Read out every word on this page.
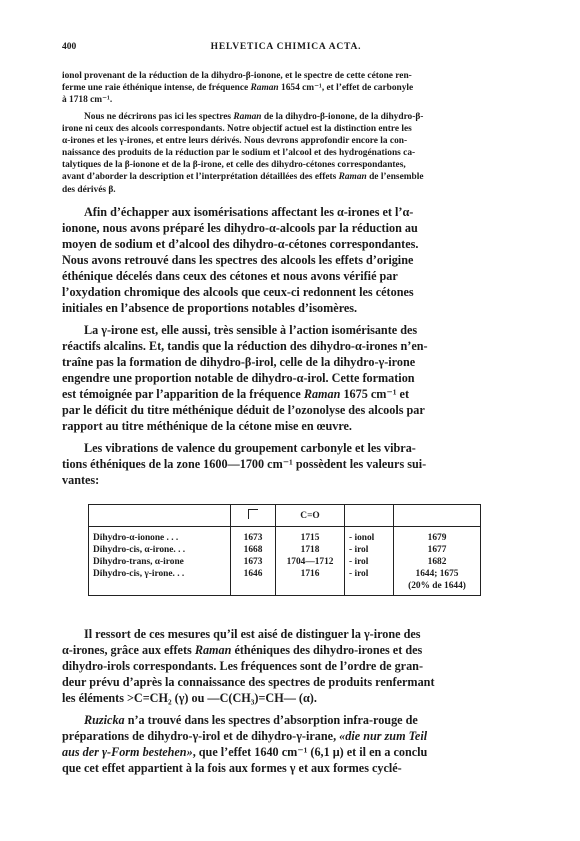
400	HELVETICA CHIMICA ACTA.

ionol provenant de la réduction de la dihydro-β-ionone, et le spectre de cette cétone ren-

ferme une raie éthénique intense, de fréquence Raman 1654 cm⁻¹, et l’effet de carbonyle

à 1718 cm⁻¹.

Nous ne décrirons pas ici les spectres Raman de la dihydro-β-ionone, de la dihydro-β-

irone ni ceux des alcools correspondants. Notre objectif actuel est la distinction entre les

α-irones et les γ-irones, et entre leurs dérivés. Nous devrons approfondir encore la con-

naissance des produits de la réduction par le sodium et l’alcool et des hydrogénations ca-

talytiques de la β-ionone et de la β-irone, et celle des dihydro-cétones correspondantes,

avant d’aborder la description et l’interprétation détaillées des effets Raman de l’ensemble

des dérivés β.

Afin d’échapper aux isomérisations affectant les α-irones et l’α-

ionone, nous avons préparé les dihydro-α-alcools par la réduction au

moyen de sodium et d’alcool des dihydro-α-cétones correspondantes.

Nous avons retrouvé dans les spectres des alcools les effets d’origine

éthénique décelés dans ceux des cétones et nous avons vérifié par

l’oxydation chromique des alcools que ceux-ci redonnent les cétones

initiales en l’absence de proportions notables d’isomères.

La γ-irone est, elle aussi, très sensible à l’action isomérisante des

réactifs alcalins. Et, tandis que la réduction des dihydro-α-irones n’en-

traîne pas la formation de dihydro-β-irol, celle de la dihydro-γ-irone

engendre une proportion notable de dihydro-α-irol. Cette formation

est témoignée par l’apparition de la fréquence Raman 1675 cm⁻¹ et

par le déficit du titre méthénique déduit de l’ozonolyse des alcools par

rapport au titre méthénique de la cétone mise en œuvre.

Les vibrations de valence du groupement carbonyle et les vibra-

tions éthéniques de la zone 1600—1700 cm⁻¹ possèdent les valeurs sui-

vantes:

		C=O		

Dihydro-α-ionone . . .	1673	1715	- ionol	1679
Dihydro-cis, α-irone. . .	1668	1718	- irol	1677
Dihydro-trans, α-irone	1673	1704—1712	- irol	1682
Dihydro-cis, γ-irone. . .	1646	1716	- irol	1644; 1675
				(20% de 1644)

Il ressort de ces mesures qu’il est aisé de distinguer la γ-irone des

α-irones, grâce aux effets Raman éthéniques des dihydro-irones et des

dihydro-irols correspondants. Les fréquences sont de l’ordre de gran-

deur prévu d’après la connaissance des spectres de produits renfermant

les éléments >C=CH₂ (γ) ou —C(CH₃)=CH— (α).

Ruzicka n’a trouvé dans les spectres d’absorption infra-rouge de

préparations de dihydro-γ-irol et de dihydro-γ-irane, «die nur zum Teil

aus der γ-Form bestehen», que l’effet 1640 cm⁻¹ (6,1 μ) et il en a conclu

que cet effet appartient à la fois aux formes γ et aux formes cyclé-
